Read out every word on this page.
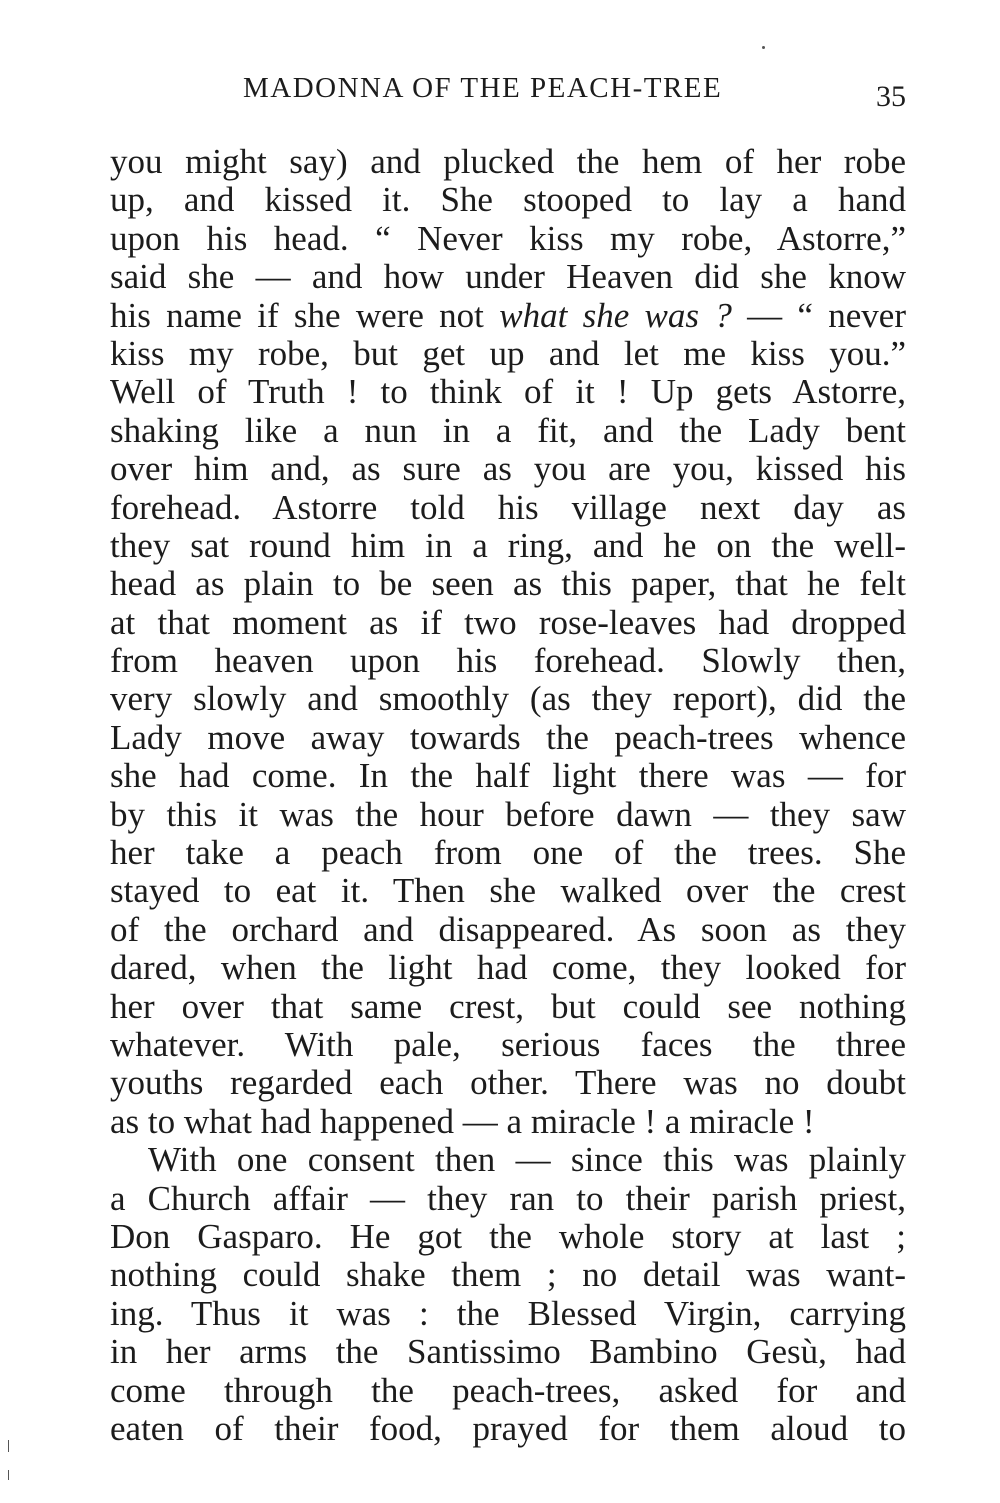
MADONNA OF THE PEACH-TREE	35
you might say) and plucked the hem of her robe
up, and kissed it. She stooped to lay a hand
upon his head. “ Never kiss my robe, Astorre,”
said she — and how under Heaven did she know
his name if she were not what she was ? — “ never
kiss my robe, but get up and let me kiss you.”
Well of Truth ! to think of it ! Up gets Astorre,
shaking like a nun in a fit, and the Lady bent
over him and, as sure as you are you, kissed his
forehead. Astorre told his village next day as
they sat round him in a ring, and he on the well-
head as plain to be seen as this paper, that he felt
at that moment as if two rose-leaves had dropped
from heaven upon his forehead. Slowly then,
very slowly and smoothly (as they report), did the
Lady move away towards the peach-trees whence
she had come. In the half light there was — for
by this it was the hour before dawn — they saw
her take a peach from one of the trees. She
stayed to eat it. Then she walked over the crest
of the orchard and disappeared. As soon as they
dared, when the light had come, they looked for
her over that same crest, but could see nothing
whatever. With pale, serious faces the three
youths regarded each other. There was no doubt
as to what had happened — a miracle ! a miracle !
With one consent then — since this was plainly
a Church affair — they ran to their parish priest,
Don Gasparo. He got the whole story at last ;
nothing could shake them ; no detail was want-
ing. Thus it was : the Blessed Virgin, carrying
in her arms the Santissimo Bambino Gesù, had
come through the peach-trees, asked for and
eaten of their food, prayed for them aloud to
